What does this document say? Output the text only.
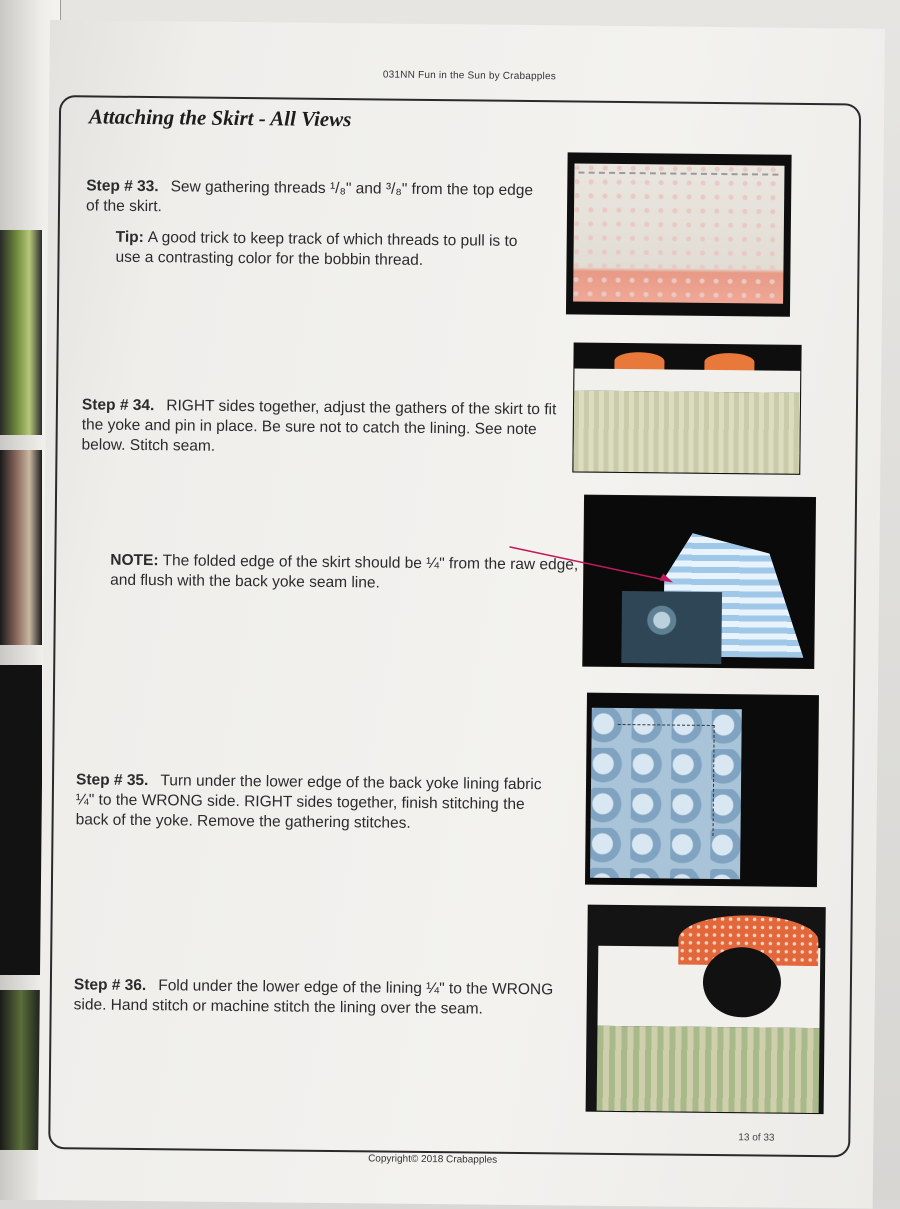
031NN Fun in the Sun by Crabapples
Attaching the Skirt - All Views
Step # 33. Sew gathering threads ¹/₈" and ³/₈" from the top edge of the skirt.
Tip: A good trick to keep track of which threads to pull is to use a contrasting color for the bobbin thread.
Step # 34. RIGHT sides together, adjust the gathers of the skirt to fit the yoke and pin in place. Be sure not to catch the lining. See note below. Stitch seam.
NOTE: The folded edge of the skirt should be ¼" from the raw edge, and flush with the back yoke seam line.
Step # 35. Turn under the lower edge of the back yoke lining fabric ¼" to the WRONG side. RIGHT sides together, finish stitching the back of the yoke. Remove the gathering stitches.
Step # 36. Fold under the lower edge of the lining ¼" to the WRONG side. Hand stitch or machine stitch the lining over the seam.
13 of 33
Copyright© 2018 Crabapples
